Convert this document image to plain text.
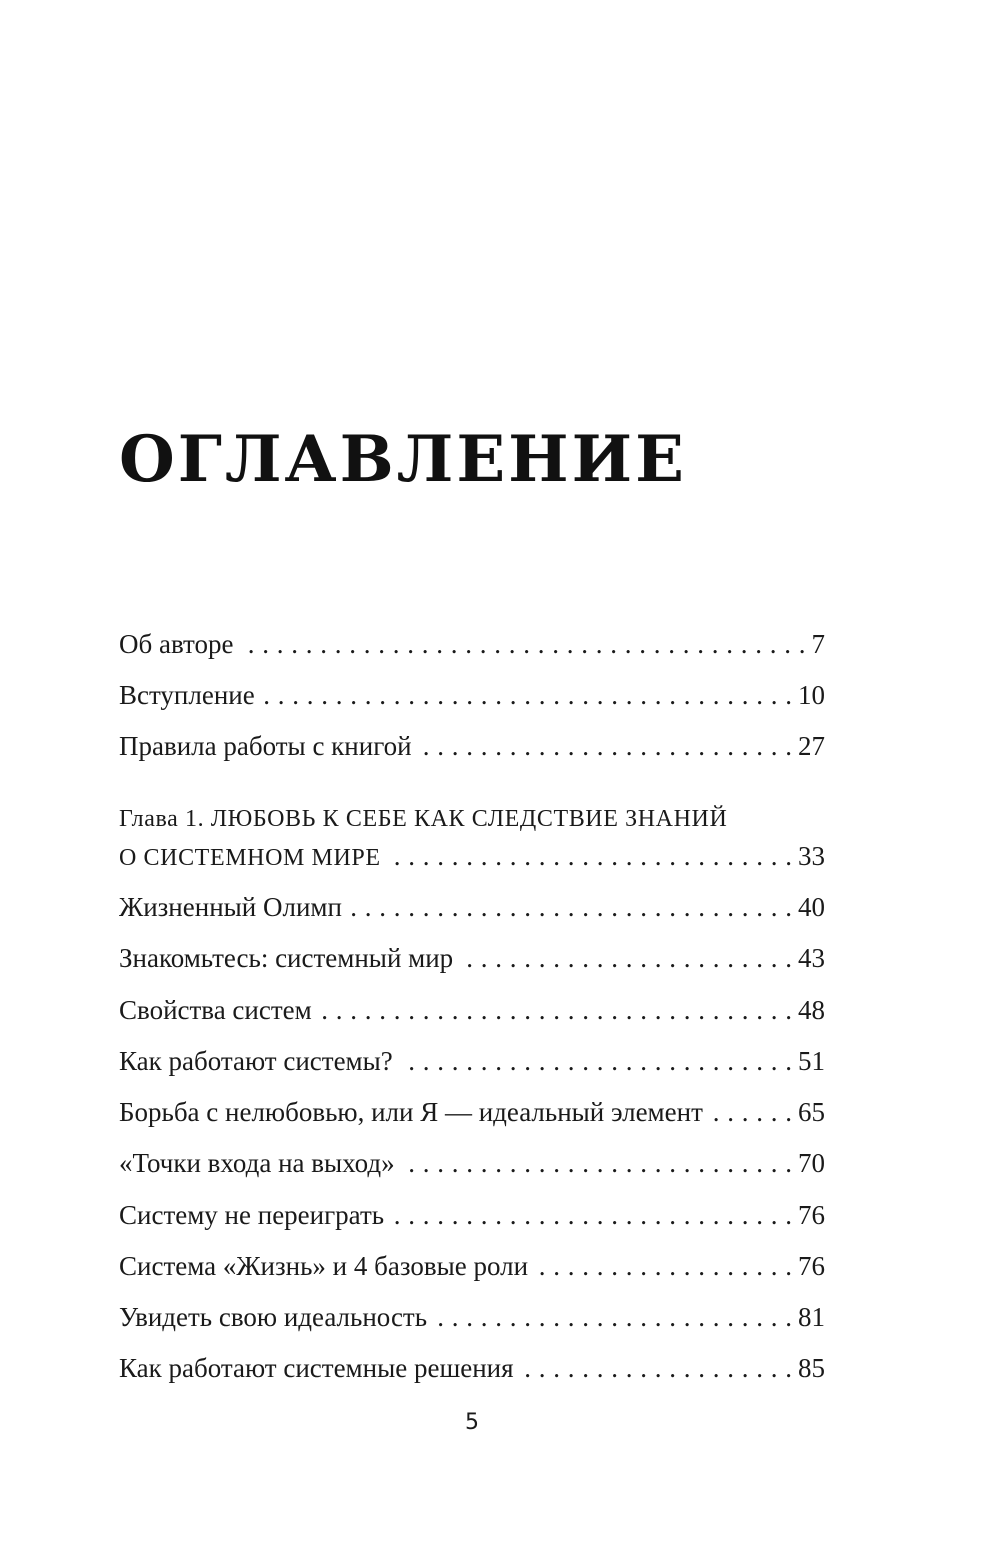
ОГЛАВЛЕНИЕ
Об авторе . . .	7
Вступление . . .	10
Правила работы с книгой . . .	27
Глава 1. ЛЮБОВЬ К СЕБЕ КАК СЛЕДСТВИЕ ЗНАНИЙ
О СИСТЕМНОМ МИРЕ . . .	33
Жизненный Олимп . . .	40
Знакомьтесь: системный мир . . .	43
Свойства систем . . .	48
Как работают системы? . . .	51
Борьба с нелюбовью, или Я — идеальный элемент . . .	65
«Точки входа на выход» . . .	70
Систему не переиграть . . .	76
Система «Жизнь» и 4 базовые роли . . .	76
Увидеть свою идеальность . . .	81
Как работают системные решения . . .	85
5
